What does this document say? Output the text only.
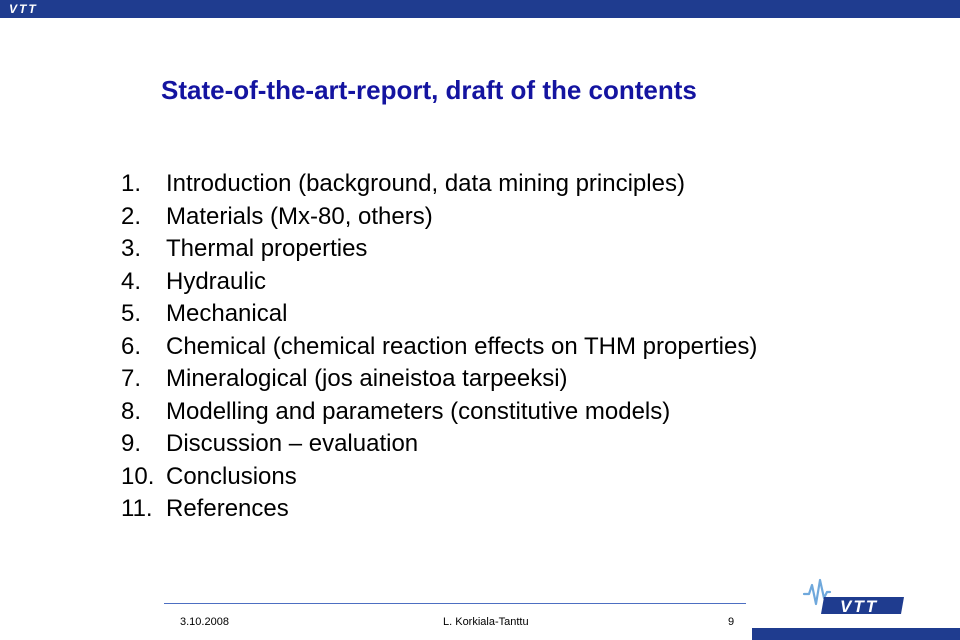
VTT
State-of-the-art-report, draft of the contents
1.	Introduction (background, data mining principles)
2.	Materials (Mx-80, others)
3.	Thermal properties
4.	Hydraulic
5.	Mechanical
6.	Chemical (chemical reaction effects on THM properties)
7.	Mineralogical (jos aineistoa tarpeeksi)
8.	Modelling and parameters (constitutive models)
9.	Discussion – evaluation
10. Conclusions
11. References
VTT
3.10.2008	L. Korkiala-Tanttu	9
